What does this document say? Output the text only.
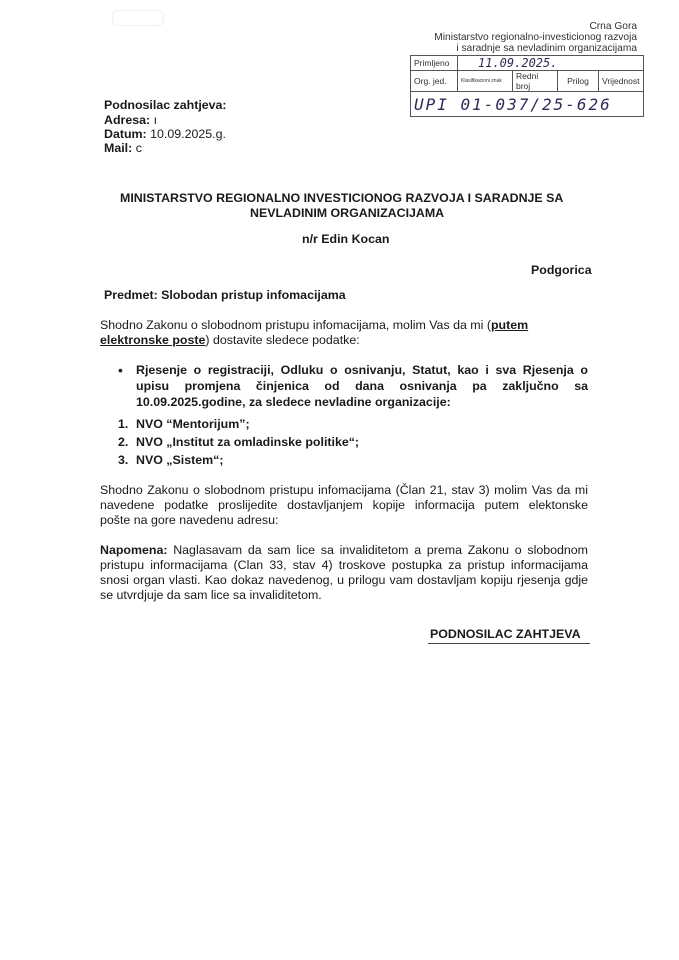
Crna Gora
Ministarstvo regionalno-investicionog razvoja
i saradnje sa nevladinim organizacijama
Primljeno	11.09.2025.			
Org. jed.	Klasifikacioni znak	Redni broj	Prilog	Vrijednost
UPI 01-037/25-626				
Podnosilac zahtjeva:
Adresa: ı
Datum: 10.09.2025.g.
Mail: c
MINISTARSTVO REGIONALNO INVESTICIONOG RAZVOJA I SARADNJE SA
NEVLADINIM ORGANIZACIJAMA
n/r Edin Kocan
Podgorica
Predmet: Slobodan pristup infomacijama
Shodno Zakonu o slobodnom pristupu infomacijama, molim Vas da mi (putem
elektronske poste) dostavite sledece podatke:
• Rjesenje o registraciji, Odluku o osnivanju, Statut, kao i sva Rjesenja o
upisu promjena činjenica od dana osnivanja pa zaključno sa
10.09.2025.godine, za sledece nevladine organizacije:
1. NVO “Mentorijum”;
2. NVO „Institut za omladinske politike“;
3. NVO „Sistem“;
Shodno Zakonu o slobodnom pristupu infomacijama (Član 21, stav 3) molim Vas da mi
navedene podatke proslijedite dostavljanjem kopije informacija putem elektonske
pošte na gore navedenu adresu:
Napomena: Naglasavam da sam lice sa invaliditetom a prema Zakonu o slobodnom
pristupu informacijama (Clan 33, stav 4) troskove postupka za pristup informacijama
snosi organ vlasti. Kao dokaz navedenog, u prilogu vam dostavljam kopiju rjesenja gdje
se utvrdjuje da sam lice sa invaliditetom.
PODNOSILAC ZAHTJEVA
